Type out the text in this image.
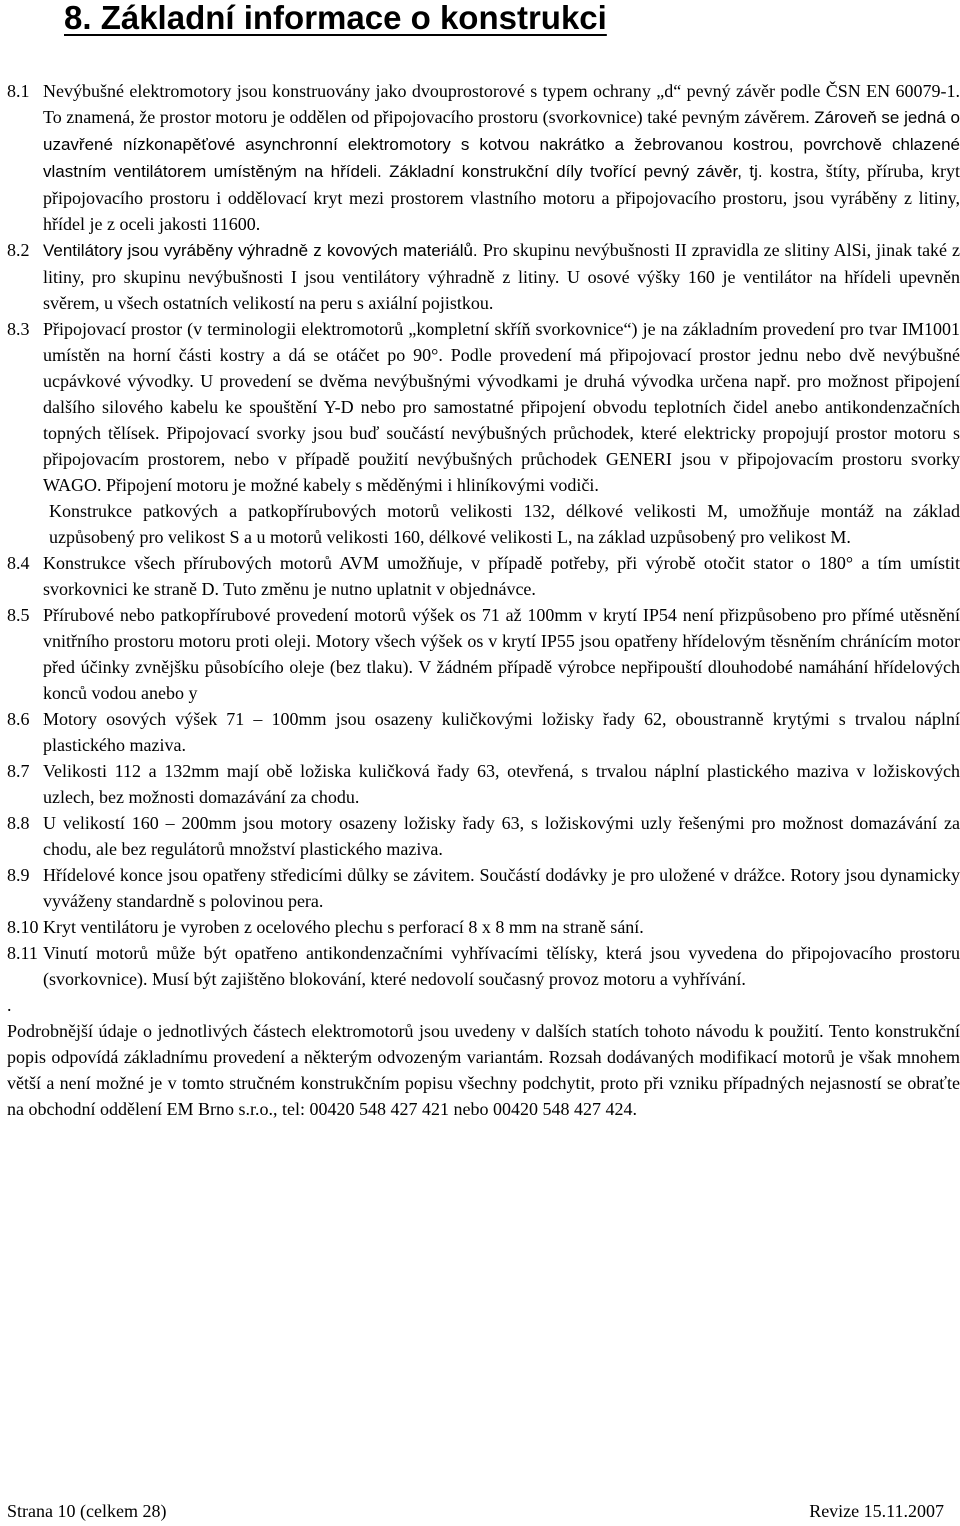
8. Základní informace o konstrukci
8.1 Nevýbušné elektromotory jsou konstruovány jako dvouprostorové s typem ochrany „d“ pevný závěr podle ČSN EN 60079-1. To znamená, že prostor motoru je oddělen od připojovacího prostoru (svorkovnice) také pevným závěrem. Zároveň se jedná o uzavřené nízkonapěťové asynchronní elektromotory s kotvou nakrátko a žebrovanou kostrou, povrchově chlazené vlastním ventilátorem umístěným na hřídeli. Základní konstrukční díly tvořící pevný závěr, tj. kostra, štíty, příruba, kryt připojovacího prostoru i oddělovací kryt mezi prostorem vlastního motoru a připojovacího prostoru, jsou vyráběny z litiny, hřídel je z oceli jakosti 11600.
8.2 Ventilátory jsou vyráběny výhradně z kovových materiálů. Pro skupinu nevýbušnosti II zpravidla ze slitiny AlSi, jinak také z litiny, pro skupinu nevýbušnosti I jsou ventilátory výhradně z litiny. U osové výšky 160 je ventilátor na hřídeli upevněn svěrem, u všech ostatních velikostí na peru s axiální pojistkou.
8.3 Připojovací prostor (v terminologii elektromotorů „kompletní skříň svorkovnice“) je na základním provedení pro tvar IM1001 umístěn na horní části kostry a dá se otáčet po 90°. Podle provedení má připojovací prostor jednu nebo dvě nevýbušné ucpávkové vývodky. U provedení se dvěma nevýbušnými vývodkami je druhá vývodka určena např. pro možnost připojení dalšího silového kabelu ke spouštění Y-D nebo pro samostatné připojení obvodu teplotních čidel anebo antikondenzačních topných tělísek. Připojovací svorky jsou buď součástí nevýbušných průchodek, které elektricky propojují prostor motoru s připojovacím prostorem, nebo v případě použití nevýbušných průchodek GENERI jsou v připojovacím prostoru svorky WAGO. Připojení motoru je možné kabely s měděnými i hliníkovými vodiči.
Konstrukce patkových a patkopřírubových motorů velikosti 132, délkové velikosti M, umožňuje montáž na základ uzpůsobený pro velikost S a u motorů velikosti 160, délkové velikosti L, na základ uzpůsobený pro velikost M.
8.4 Konstrukce všech přírubových motorů AVM umožňuje, v případě potřeby, při výrobě otočit stator o 180° a tím umístit svorkovnici ke straně D. Tuto změnu je nutno uplatnit v objednávce.
8.5 Přírubové nebo patkopřírubové provedení motorů výšek os 71 až 100mm v krytí IP54 není přizpůsobeno pro přímé utěsnění vnitřního prostoru motoru proti oleji. Motory všech výšek os v krytí IP55 jsou opatřeny hřídelovým těsněním chránícím motor před účinky zvnějšku působícího oleje (bez tlaku). V žádném případě výrobce nepřipouští dlouhodobé namáhání hřídelových konců vodou anebo y
8.6 Motory osových výšek 71 – 100mm jsou osazeny kuličkovými ložisky řady 62, oboustranně krytými s trvalou náplní plastického maziva.
8.7 Velikosti 112 a 132mm mají obě ložiska kuličková řady 63, otevřená, s trvalou náplní plastického maziva v ložiskových uzlech, bez možnosti domazávání za chodu.
8.8 U velikostí 160 – 200mm jsou motory osazeny ložisky řady 63, s ložiskovými uzly řešenými pro možnost domazávání za chodu, ale bez regulátorů množství plastického maziva.
8.9 Hřídelové konce jsou opatřeny středicími důlky se závitem. Součástí dodávky je pro uložené v drážce. Rotory jsou dynamicky vyváženy standardně s polovinou pera.
8.10 Kryt ventilátoru je vyroben z ocelového plechu s perforací 8 x 8 mm na straně sání.
8.11 Vinutí motorů může být opatřeno antikondenzačními vyhřívacími tělísky, která jsou vyvedena do připojovacího prostoru (svorkovnice). Musí být zajištěno blokování, které nedovolí současný provoz motoru a vyhřívání.
.
Podrobnější údaje o jednotlivých částech elektromotorů jsou uvedeny v dalších statích tohoto návodu k použití. Tento konstrukční popis odpovídá základnímu provedení a některým odvozeným variantám. Rozsah dodávaných modifikací motorů je však mnohem větší a není možné je v tomto stručném konstrukčním popisu všechny podchytit, proto při vzniku případných nejasností se obraťte na obchodní oddělení EM Brno s.r.o., tel: 00420 548 427 421 nebo 00420 548 427 424.
Strana 10 (celkem 28)	Revize 15.11.2007
